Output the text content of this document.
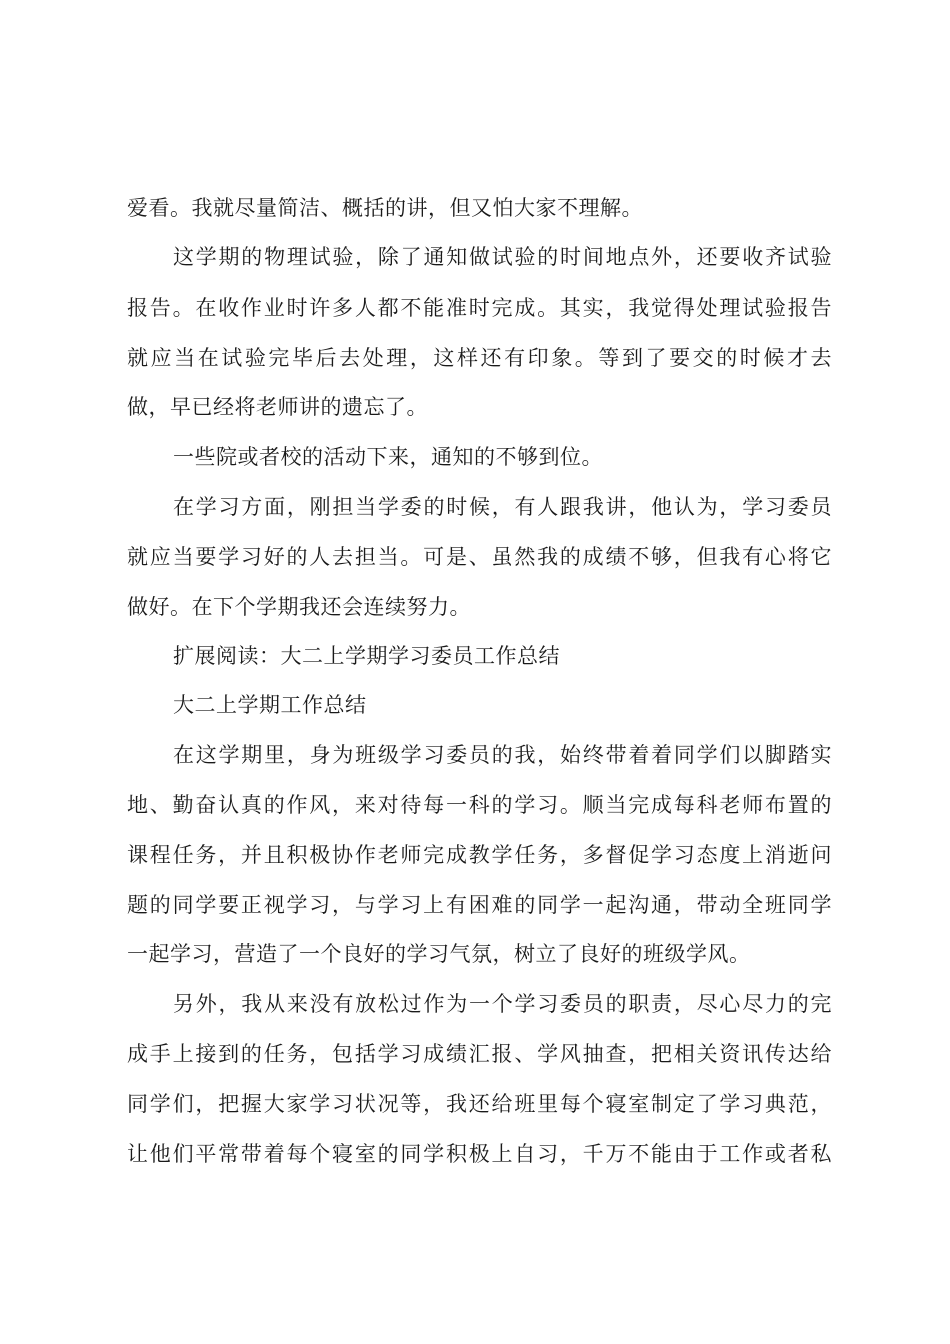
爱看。我就尽量简洁、概括的讲，但又怕大家不理解。
这学期的物理试验，除了通知做试验的时间地点外，还要收齐试验
报告。在收作业时许多人都不能准时完成。其实，我觉得处理试验报告
就应当在试验完毕后去处理，这样还有印象。等到了要交的时候才去
做，早已经将老师讲的遗忘了。
一些院或者校的活动下来，通知的不够到位。
在学习方面，刚担当学委的时候，有人跟我讲，他认为，学习委员
就应当要学习好的人去担当。可是、虽然我的成绩不够，但我有心将它
做好。在下个学期我还会连续努力。
扩展阅读：大二上学期学习委员工作总结
大二上学期工作总结
在这学期里，身为班级学习委员的我，始终带着着同学们以脚踏实
地、勤奋认真的作风，来对待每一科的学习。顺当完成每科老师布置的
课程任务，并且积极协作老师完成教学任务，多督促学习态度上消逝问
题的同学要正视学习，与学习上有困难的同学一起沟通，带动全班同学
一起学习，营造了一个良好的学习气氛，树立了良好的班级学风。
另外，我从来没有放松过作为一个学习委员的职责，尽心尽力的完
成手上接到的任务，包括学习成绩汇报、学风抽查，把相关资讯传达给
同学们，把握大家学习状况等，我还给班里每个寝室制定了学习典范，
让他们平常带着每个寝室的同学积极上自习，千万不能由于工作或者私
